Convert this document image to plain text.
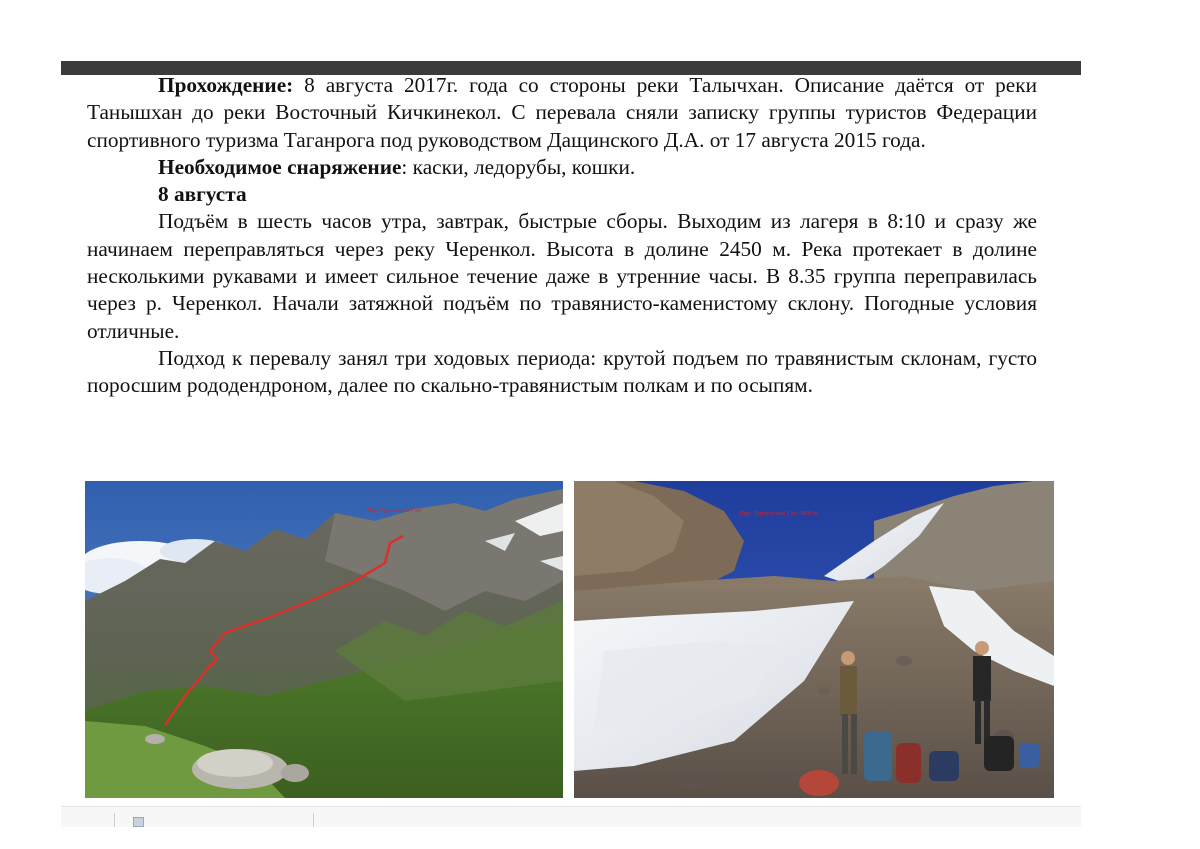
Прохождение: 8 августа 2017г. года со стороны реки Талычхан. Описание даётся от реки Танышхан до реки Восточный Кичкинекол. С перевала сняли записку группы туристов Федерации спортивного туризма Таганрога под руководством Дащинского Д.А. от 17 августа 2015 года.

Необходимое снаряжение: каски, ледорубы, кошки.

8 августа

Подъём в шесть часов утра, завтрак, быстрые сборы. Выходим из лагеря в 8:10 и сразу же начинаем переправляться через реку Черенкол. Высота в долине 2450 м. Река протекает в долине несколькими рукавами и имеет сильное течение даже в утренние часы. В 8.35 группа переправилась через р. Черенкол. Начали затяжной подъём по травянисто-каменистому склону. Погодные условия отличные.

Подход к перевалу занял три ходовых периода: крутой подъем по травянистым склонам, густо поросшим рододендроном, далее по скально-травянистым полкам и по осыпям.

Пер. Туристских Сил	Пер. Туристских Сил 3000 м
